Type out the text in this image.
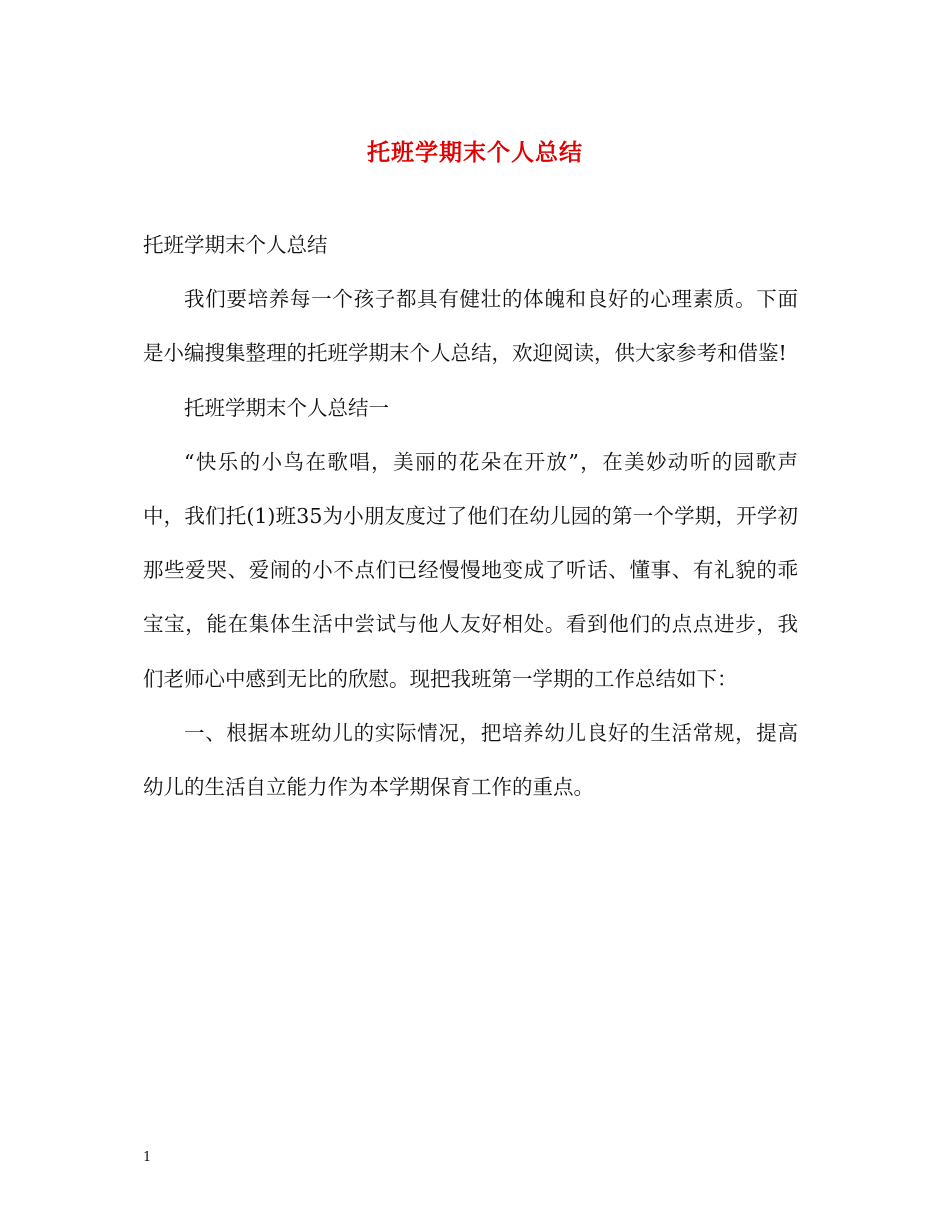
托班学期末个人总结

托班学期末个人总结

我们要培养每一个孩子都具有健壮的体魄和良好的心理素质。下面是小编搜集整理的托班学期末个人总结，欢迎阅读，供大家参考和借鉴!

托班学期末个人总结一

“快乐的小鸟在歌唱，美丽的花朵在开放”，在美妙动听的园歌声中，我们托(1)班35为小朋友度过了他们在幼儿园的第一个学期，开学初那些爱哭、爱闹的小不点们已经慢慢地变成了听话、懂事、有礼貌的乖宝宝，能在集体生活中尝试与他人友好相处。看到他们的点点进步，我们老师心中感到无比的欣慰。现把我班第一学期的工作总结如下：

一、根据本班幼儿的实际情况，把培养幼儿良好的生活常规，提高幼儿的生活自立能力作为本学期保育工作的重点。

1
